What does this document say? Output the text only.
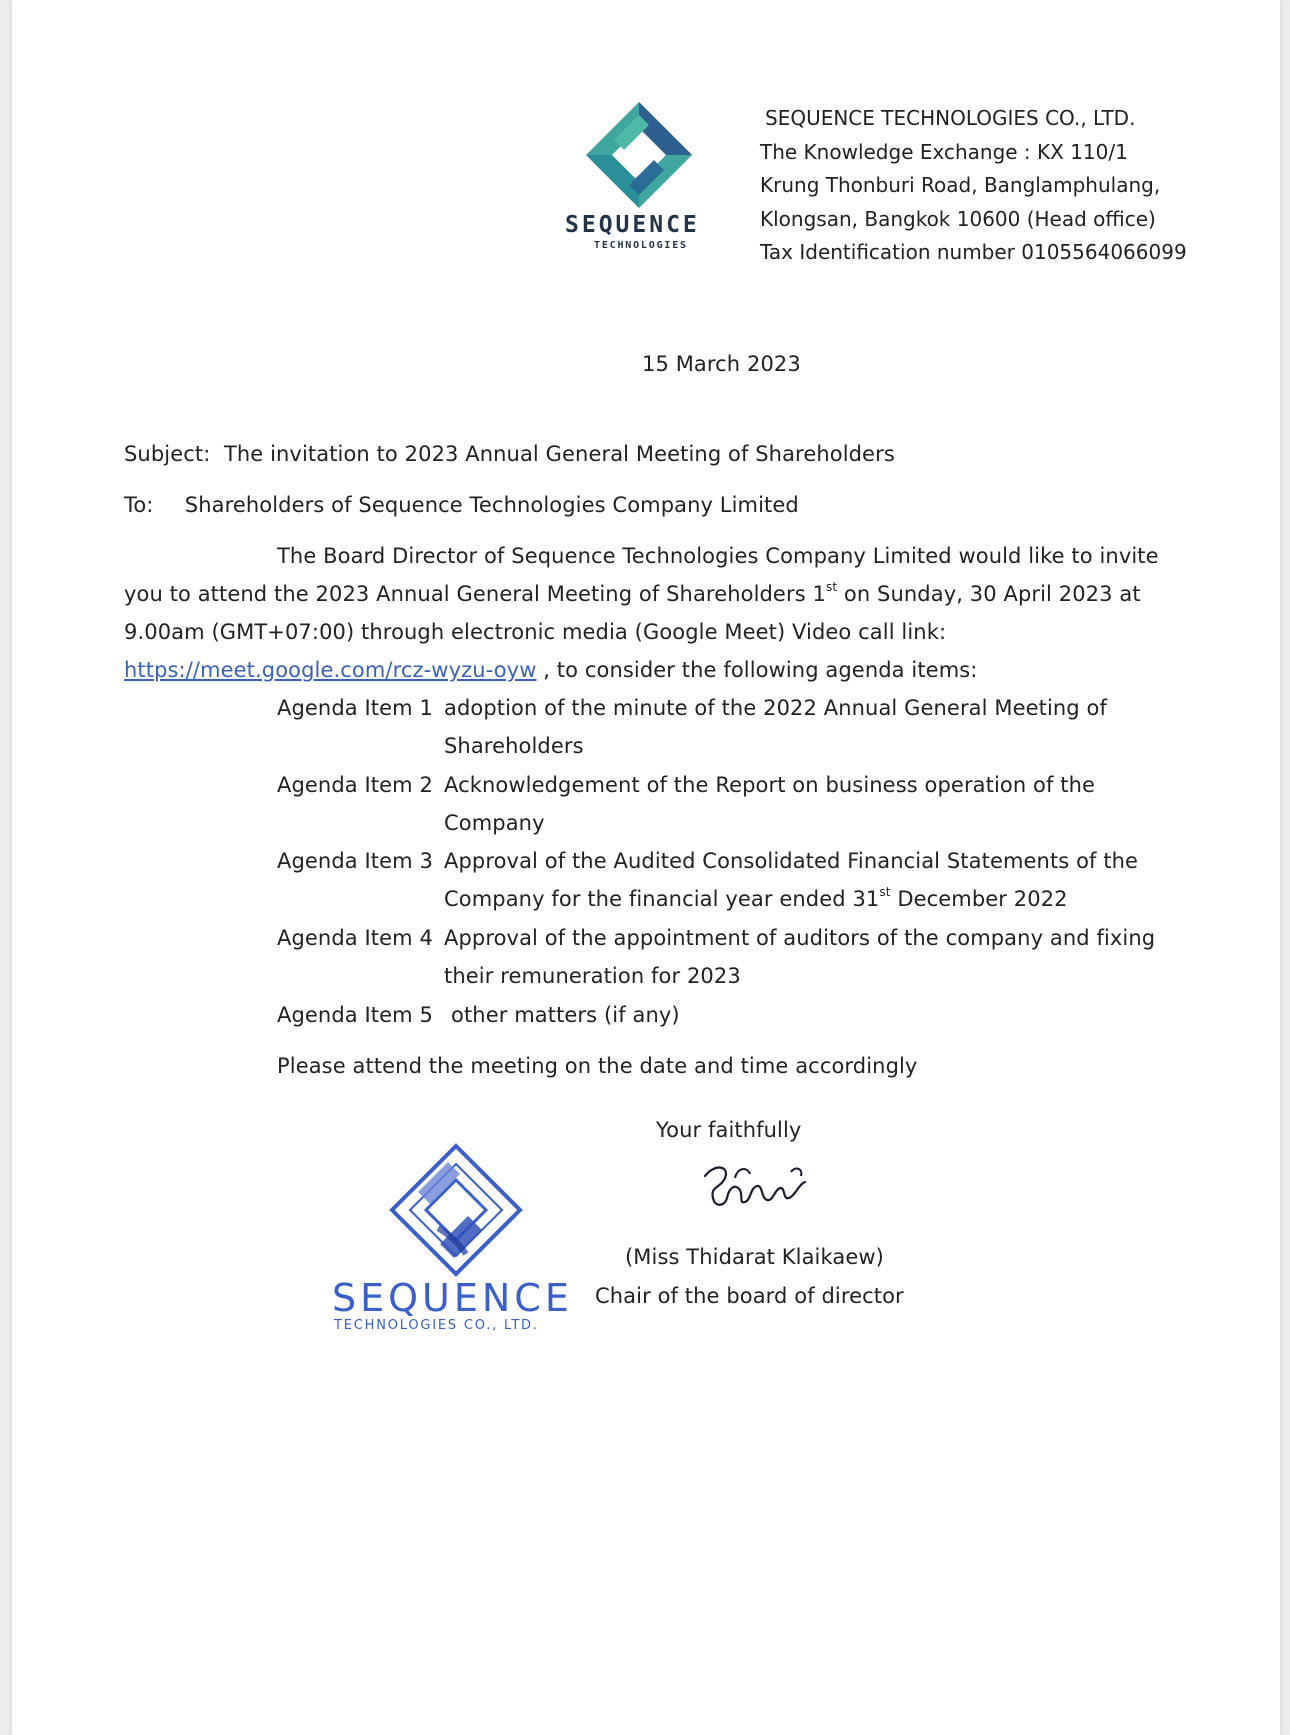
SEQUENCE
TECHNOLOGIES
SEQUENCE TECHNOLOGIES CO., LTD.
The Knowledge Exchange : KX 110/1
Krung Thonburi Road, Banglamphulang,
Klongsan, Bangkok 10600 (Head office)
Tax Identification number 0105564066099
15 March 2023
Subject: The invitation to 2023 Annual General Meeting of Shareholders
To: Shareholders of Sequence Technologies Company Limited
The Board Director of Sequence Technologies Company Limited would like to invite
you to attend the 2023 Annual General Meeting of Shareholders 1st on Sunday, 30 April 2023 at
9.00am (GMT+07:00) through electronic media (Google Meet) Video call link:
https://meet.google.com/rcz-wyzu-oyw , to consider the following agenda items:
Agenda Item 1 adoption of the minute of the 2022 Annual General Meeting of
Shareholders
Agenda Item 2 Acknowledgement of the Report on business operation of the
Company
Agenda Item 3 Approval of the Audited Consolidated Financial Statements of the
Company for the financial year ended 31st December 2022
Agenda Item 4 Approval of the appointment of auditors of the company and fixing
their remuneration for 2023
Agenda Item 5 other matters (if any)
Please attend the meeting on the date and time accordingly
Your faithfully
(Miss Thidarat Klaikaew)
Chair of the board of director
SEQUENCE
TECHNOLOGIES CO., LTD.
